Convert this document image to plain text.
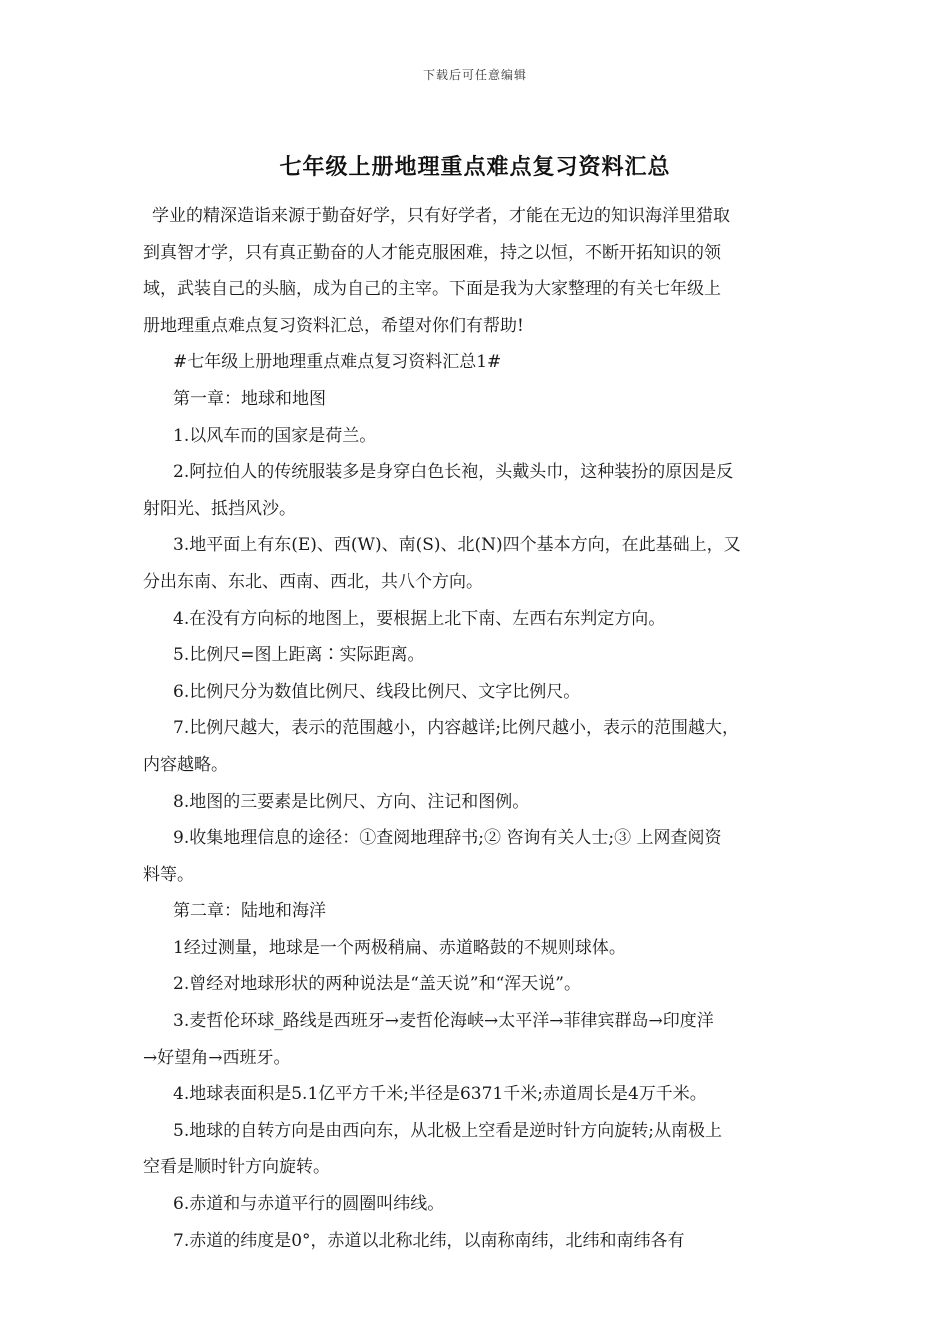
下载后可任意编辑
七年级上册地理重点难点复习资料汇总
学业的精深造诣来源于勤奋好学，只有好学者，才能在无边的知识海洋里猎取
到真智才学，只有真正勤奋的人才能克服困难，持之以恒，不断开拓知识的领
域，武装自己的头脑，成为自己的主宰。下面是我为大家整理的有关七年级上
册地理重点难点复习资料汇总，希望对你们有帮助!
#七年级上册地理重点难点复习资料汇总1#
第一章：地球和地图
1.以风车而的国家是荷兰。
2.阿拉伯人的传统服装多是身穿白色长袍，头戴头巾，这种装扮的原因是反
射阳光、抵挡风沙。
3.地平面上有东(E)、西(W)、南(S)、北(N)四个基本方向，在此基础上，又
分出东南、东北、西南、西北，共八个方向。
4.在没有方向标的地图上，要根据上北下南、左西右东判定方向。
5.比例尺=图上距离∶实际距离。
6.比例尺分为数值比例尺、线段比例尺、文字比例尺。
7.比例尺越大，表示的范围越小，内容越详;比例尺越小，表示的范围越大，
内容越略。
8.地图的三要素是比例尺、方向、注记和图例。
9.收集地理信息的途径：①查阅地理辞书;② 咨询有关人士;③ 上网查阅资
料等。
第二章：陆地和海洋
1经过测量，地球是一个两极稍扁、赤道略鼓的不规则球体。
2.曾经对地球形状的两种说法是“盖天说”和“浑天说”。
3.麦哲伦环球_路线是西班牙→麦哲伦海峡→太平洋→菲律宾群岛→印度洋
→好望角→西班牙。
4.地球表面积是5.1亿平方千米;半径是6371千米;赤道周长是4万千米。
5.地球的自转方向是由西向东，从北极上空看是逆时针方向旋转;从南极上
空看是顺时针方向旋转。
6.赤道和与赤道平行的圆圈叫纬线。
7.赤道的纬度是0°，赤道以北称北纬，以南称南纬，北纬和南纬各有
